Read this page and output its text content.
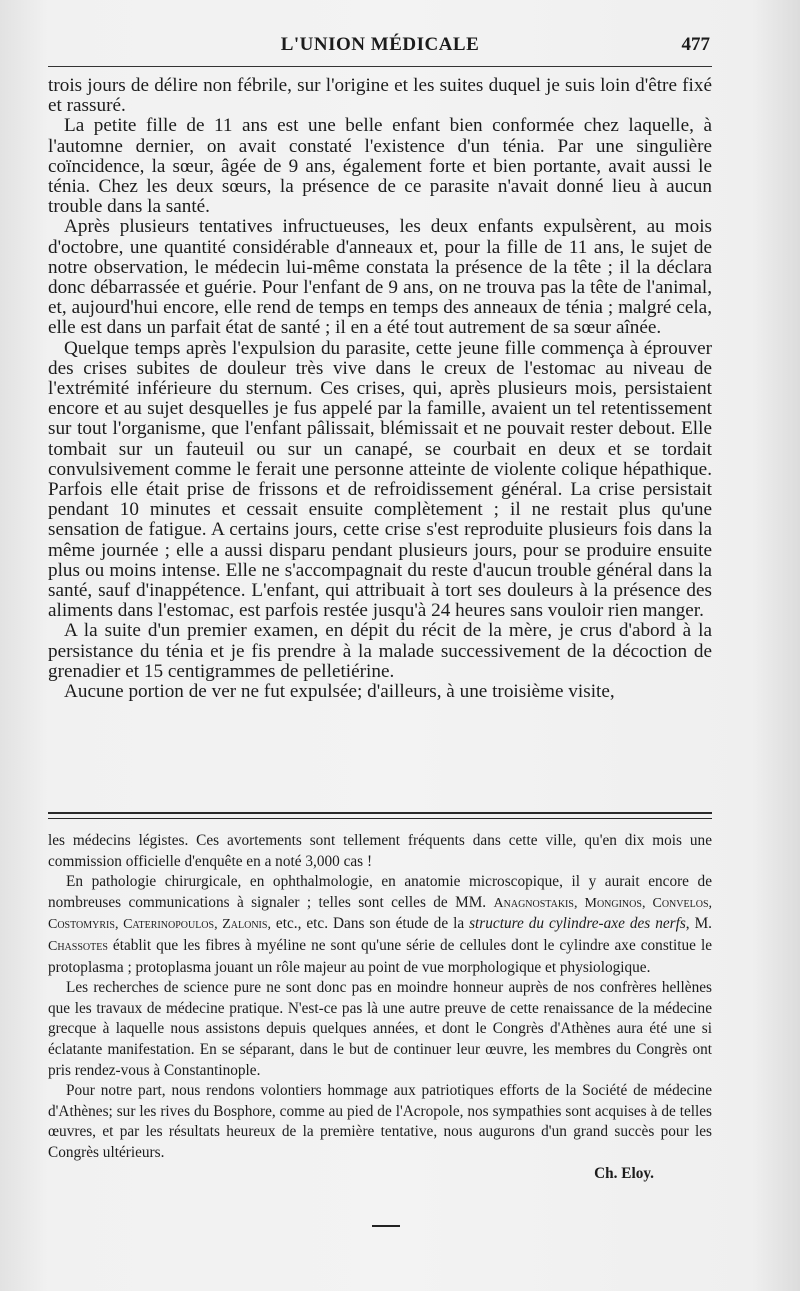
L'UNION MÉDICALE	477

trois jours de délire non fébrile, sur l'origine et les suites duquel je suis loin d'être fixé et rassuré.

La petite fille de 11 ans est une belle enfant bien conformée chez laquelle, à l'automne dernier, on avait constaté l'existence d'un ténia. Par une singulière coïncidence, la sœur, âgée de 9 ans, également forte et bien portante, avait aussi le ténia. Chez les deux sœurs, la présence de ce parasite n'avait donné lieu à aucun trouble dans la santé.

Après plusieurs tentatives infructueuses, les deux enfants expulsèrent, au mois d'octobre, une quantité considérable d'anneaux et, pour la fille de 11 ans, le sujet de notre observation, le médecin lui-même constata la présence de la tête ; il la déclara donc débarrassée et guérie. Pour l'enfant de 9 ans, on ne trouva pas la tête de l'animal, et, aujourd'hui encore, elle rend de temps en temps des anneaux de ténia ; malgré cela, elle est dans un parfait état de santé ; il en a été tout autrement de sa sœur aînée.

Quelque temps après l'expulsion du parasite, cette jeune fille commença à éprouver des crises subites de douleur très vive dans le creux de l'estomac au niveau de l'extrémité inférieure du sternum. Ces crises, qui, après plusieurs mois, persistaient encore et au sujet desquelles je fus appelé par la famille, avaient un tel retentissement sur tout l'organisme, que l'enfant pâlissait, blémissait et ne pouvait rester debout. Elle tombait sur un fauteuil ou sur un canapé, se courbait en deux et se tordait convulsivement comme le ferait une personne atteinte de violente colique hépathique. Parfois elle était prise de frissons et de refroidissement général. La crise persistait pendant 10 minutes et cessait ensuite complètement ; il ne restait plus qu'une sensation de fatigue. A certains jours, cette crise s'est reproduite plusieurs fois dans la même journée ; elle a aussi disparu pendant plusieurs jours, pour se produire ensuite plus ou moins intense. Elle ne s'accompagnait du reste d'aucun trouble général dans la santé, sauf d'inappétence. L'enfant, qui attribuait à tort ses douleurs à la présence des aliments dans l'estomac, est parfois restée jusqu'à 24 heures sans vouloir rien manger.

A la suite d'un premier examen, en dépit du récit de la mère, je crus d'abord à la persistance du ténia et je fis prendre à la malade successivement de la décoction de grenadier et 15 centigrammes de pelletiérine.

Aucune portion de ver ne fut expulsée; d'ailleurs, à une troisième visite,

les médecins légistes. Ces avortements sont tellement fréquents dans cette ville, qu'en dix mois une commission officielle d'enquête en a noté 3,000 cas !

En pathologie chirurgicale, en ophthalmologie, en anatomie microscopique, il y aurait encore de nombreuses communications à signaler ; telles sont celles de MM. Anagnostakis, Monginos, Convelos, Costomyris, Caterinopoulos, Zalonis, etc., etc. Dans son étude de la structure du cylindre-axe des nerfs, M. Chassotes établit que les fibres à myéline ne sont qu'une série de cellules dont le cylindre axe constitue le protoplasma ; protoplasma jouant un rôle majeur au point de vue morphologique et physiologique.

Les recherches de science pure ne sont donc pas en moindre honneur auprès de nos confrères hellènes que les travaux de médecine pratique. N'est-ce pas là une autre preuve de cette renaissance de la médecine grecque à laquelle nous assistons depuis quelques années, et dont le Congrès d'Athènes aura été une si éclatante manifestation. En se séparant, dans le but de continuer leur œuvre, les membres du Congrès ont pris rendez-vous à Constantinople.

Pour notre part, nous rendons volontiers hommage aux patriotiques efforts de la Société de médecine d'Athènes; sur les rives du Bosphore, comme au pied de l'Acropole, nos sympathies sont acquises à de telles œuvres, et par les résultats heureux de la première tentative, nous augurons d'un grand succès pour les Congrès ultérieurs.

Ch. Eloy.
